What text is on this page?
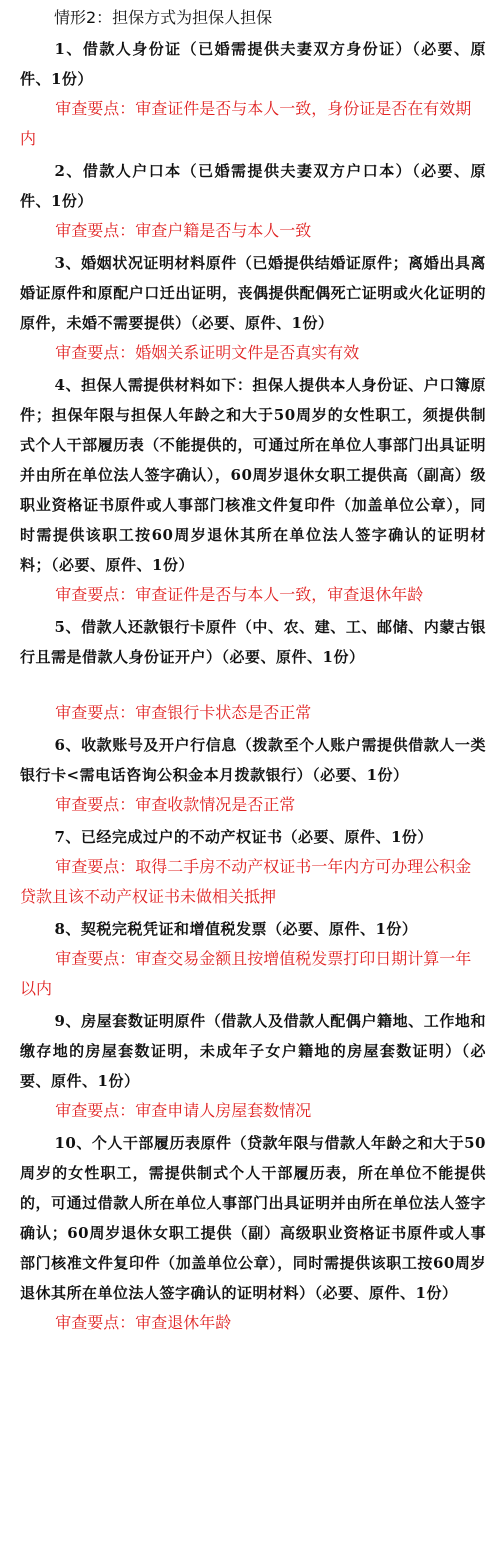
情形2：担保方式为担保人担保

1、借款人身份证（已婚需提供夫妻双方身份证）（必要、原件、1份）

审查要点：审查证件是否与本人一致，身份证是否在有效期内

2、借款人户口本（已婚需提供夫妻双方户口本）（必要、原件、1份）

审查要点：审查户籍是否与本人一致

3、婚姻状况证明材料原件（已婚提供结婚证原件；离婚出具离婚证原件和原配户口迁出证明，丧偶提供配偶死亡证明或火化证明的原件，未婚不需要提供）（必要、原件、1份）

审查要点：婚姻关系证明文件是否真实有效

4、担保人需提供材料如下：担保人提供本人身份证、户口簿原件；担保年限与担保人年龄之和大于50周岁的女性职工，须提供制式个人干部履历表（不能提供的，可通过所在单位人事部门出具证明并由所在单位法人签字确认），60周岁退休女职工提供高（副高）级职业资格证书原件或人事部门核准文件复印件（加盖单位公章），同时需提供该职工按60周岁退休其所在单位法人签字确认的证明材料；（必要、原件、1份）

审查要点：审查证件是否与本人一致，审查退休年龄

5、借款人还款银行卡原件（中、农、建、工、邮储、内蒙古银行且需是借款人身份证开户）（必要、原件、1份）

审查要点：审查银行卡状态是否正常

6、收款账号及开户行信息（拨款至个人账户需提供借款人一类银行卡<需电话咨询公积金本月拨款银行）（必要、1份）

审查要点：审查收款情况是否正常

7、已经完成过户的不动产权证书（必要、原件、1份）

审查要点：取得二手房不动产权证书一年内方可办理公积金贷款且该不动产权证书未做相关抵押

8、契税完税凭证和增值税发票（必要、原件、1份）

审查要点：审查交易金额且按增值税发票打印日期计算一年以内

9、房屋套数证明原件（借款人及借款人配偶户籍地、工作地和缴存地的房屋套数证明，未成年子女户籍地的房屋套数证明）（必要、原件、1份）

审查要点：审查申请人房屋套数情况

10、个人干部履历表原件（贷款年限与借款人年龄之和大于50周岁的女性职工，需提供制式个人干部履历表，所在单位不能提供的，可通过借款人所在单位人事部门出具证明并由所在单位法人签字确认；60周岁退休女职工提供（副）高级职业资格证书原件或人事部门核准文件复印件（加盖单位公章），同时需提供该职工按60周岁退休其所在单位法人签字确认的证明材料）（必要、原件、1份）

审查要点：审查退休年龄
